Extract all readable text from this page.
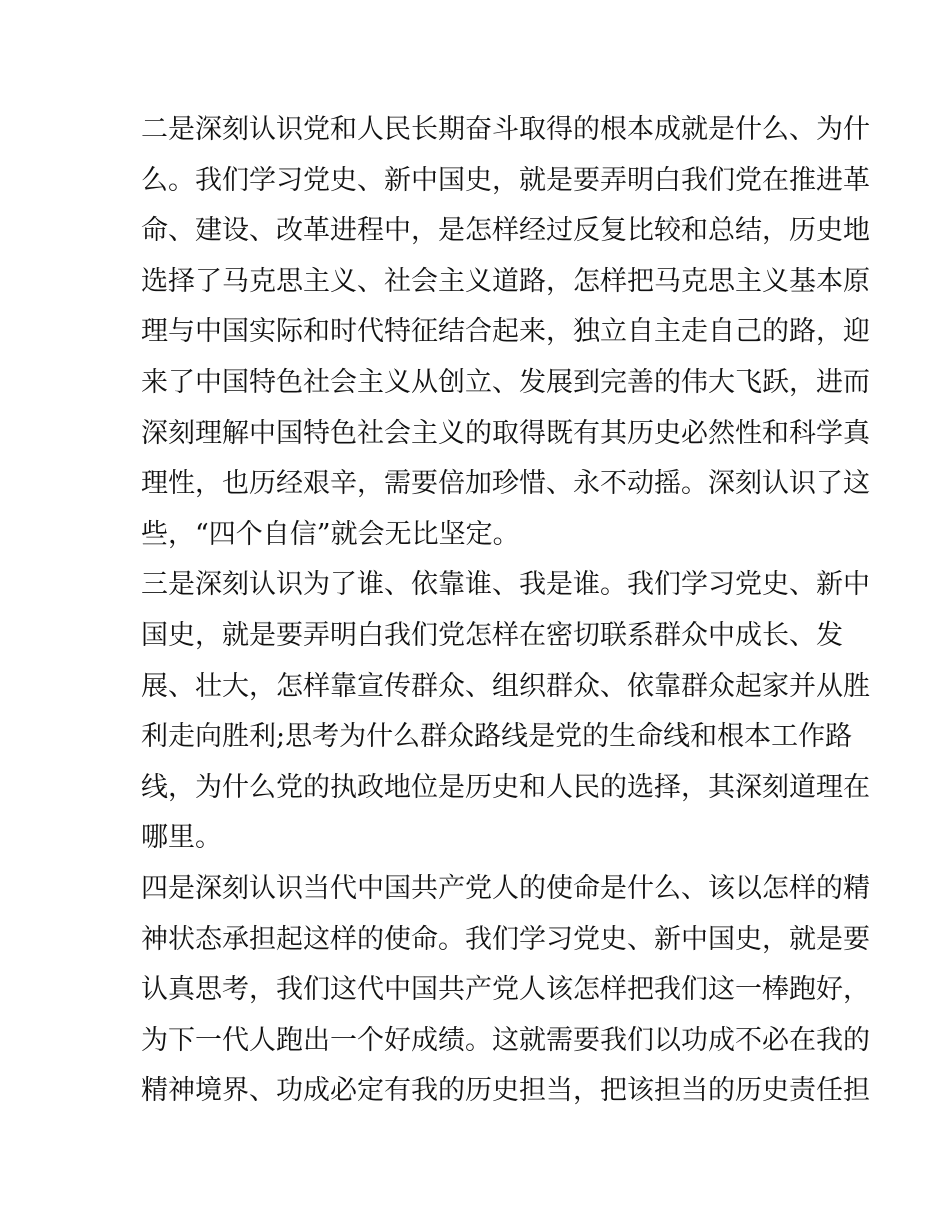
二是深刻认识党和人民长期奋斗取得的根本成就是什么、为什
么。我们学习党史、新中国史，就是要弄明白我们党在推进革
命、建设、改革进程中，是怎样经过反复比较和总结，历史地
选择了马克思主义、社会主义道路，怎样把马克思主义基本原
理与中国实际和时代特征结合起来，独立自主走自己的路，迎
来了中国特色社会主义从创立、发展到完善的伟大飞跃，进而
深刻理解中国特色社会主义的取得既有其历史必然性和科学真
理性，也历经艰辛，需要倍加珍惜、永不动摇。深刻认识了这
些，“四个自信”就会无比坚定。
三是深刻认识为了谁、依靠谁、我是谁。我们学习党史、新中
国史，就是要弄明白我们党怎样在密切联系群众中成长、发
展、壮大，怎样靠宣传群众、组织群众、依靠群众起家并从胜
利走向胜利;思考为什么群众路线是党的生命线和根本工作路
线，为什么党的执政地位是历史和人民的选择，其深刻道理在
哪里。
四是深刻认识当代中国共产党人的使命是什么、该以怎样的精
神状态承担起这样的使命。我们学习党史、新中国史，就是要
认真思考，我们这代中国共产党人该怎样把我们这一棒跑好，
为下一代人跑出一个好成绩。这就需要我们以功成不必在我的
精神境界、功成必定有我的历史担当，把该担当的历史责任担
